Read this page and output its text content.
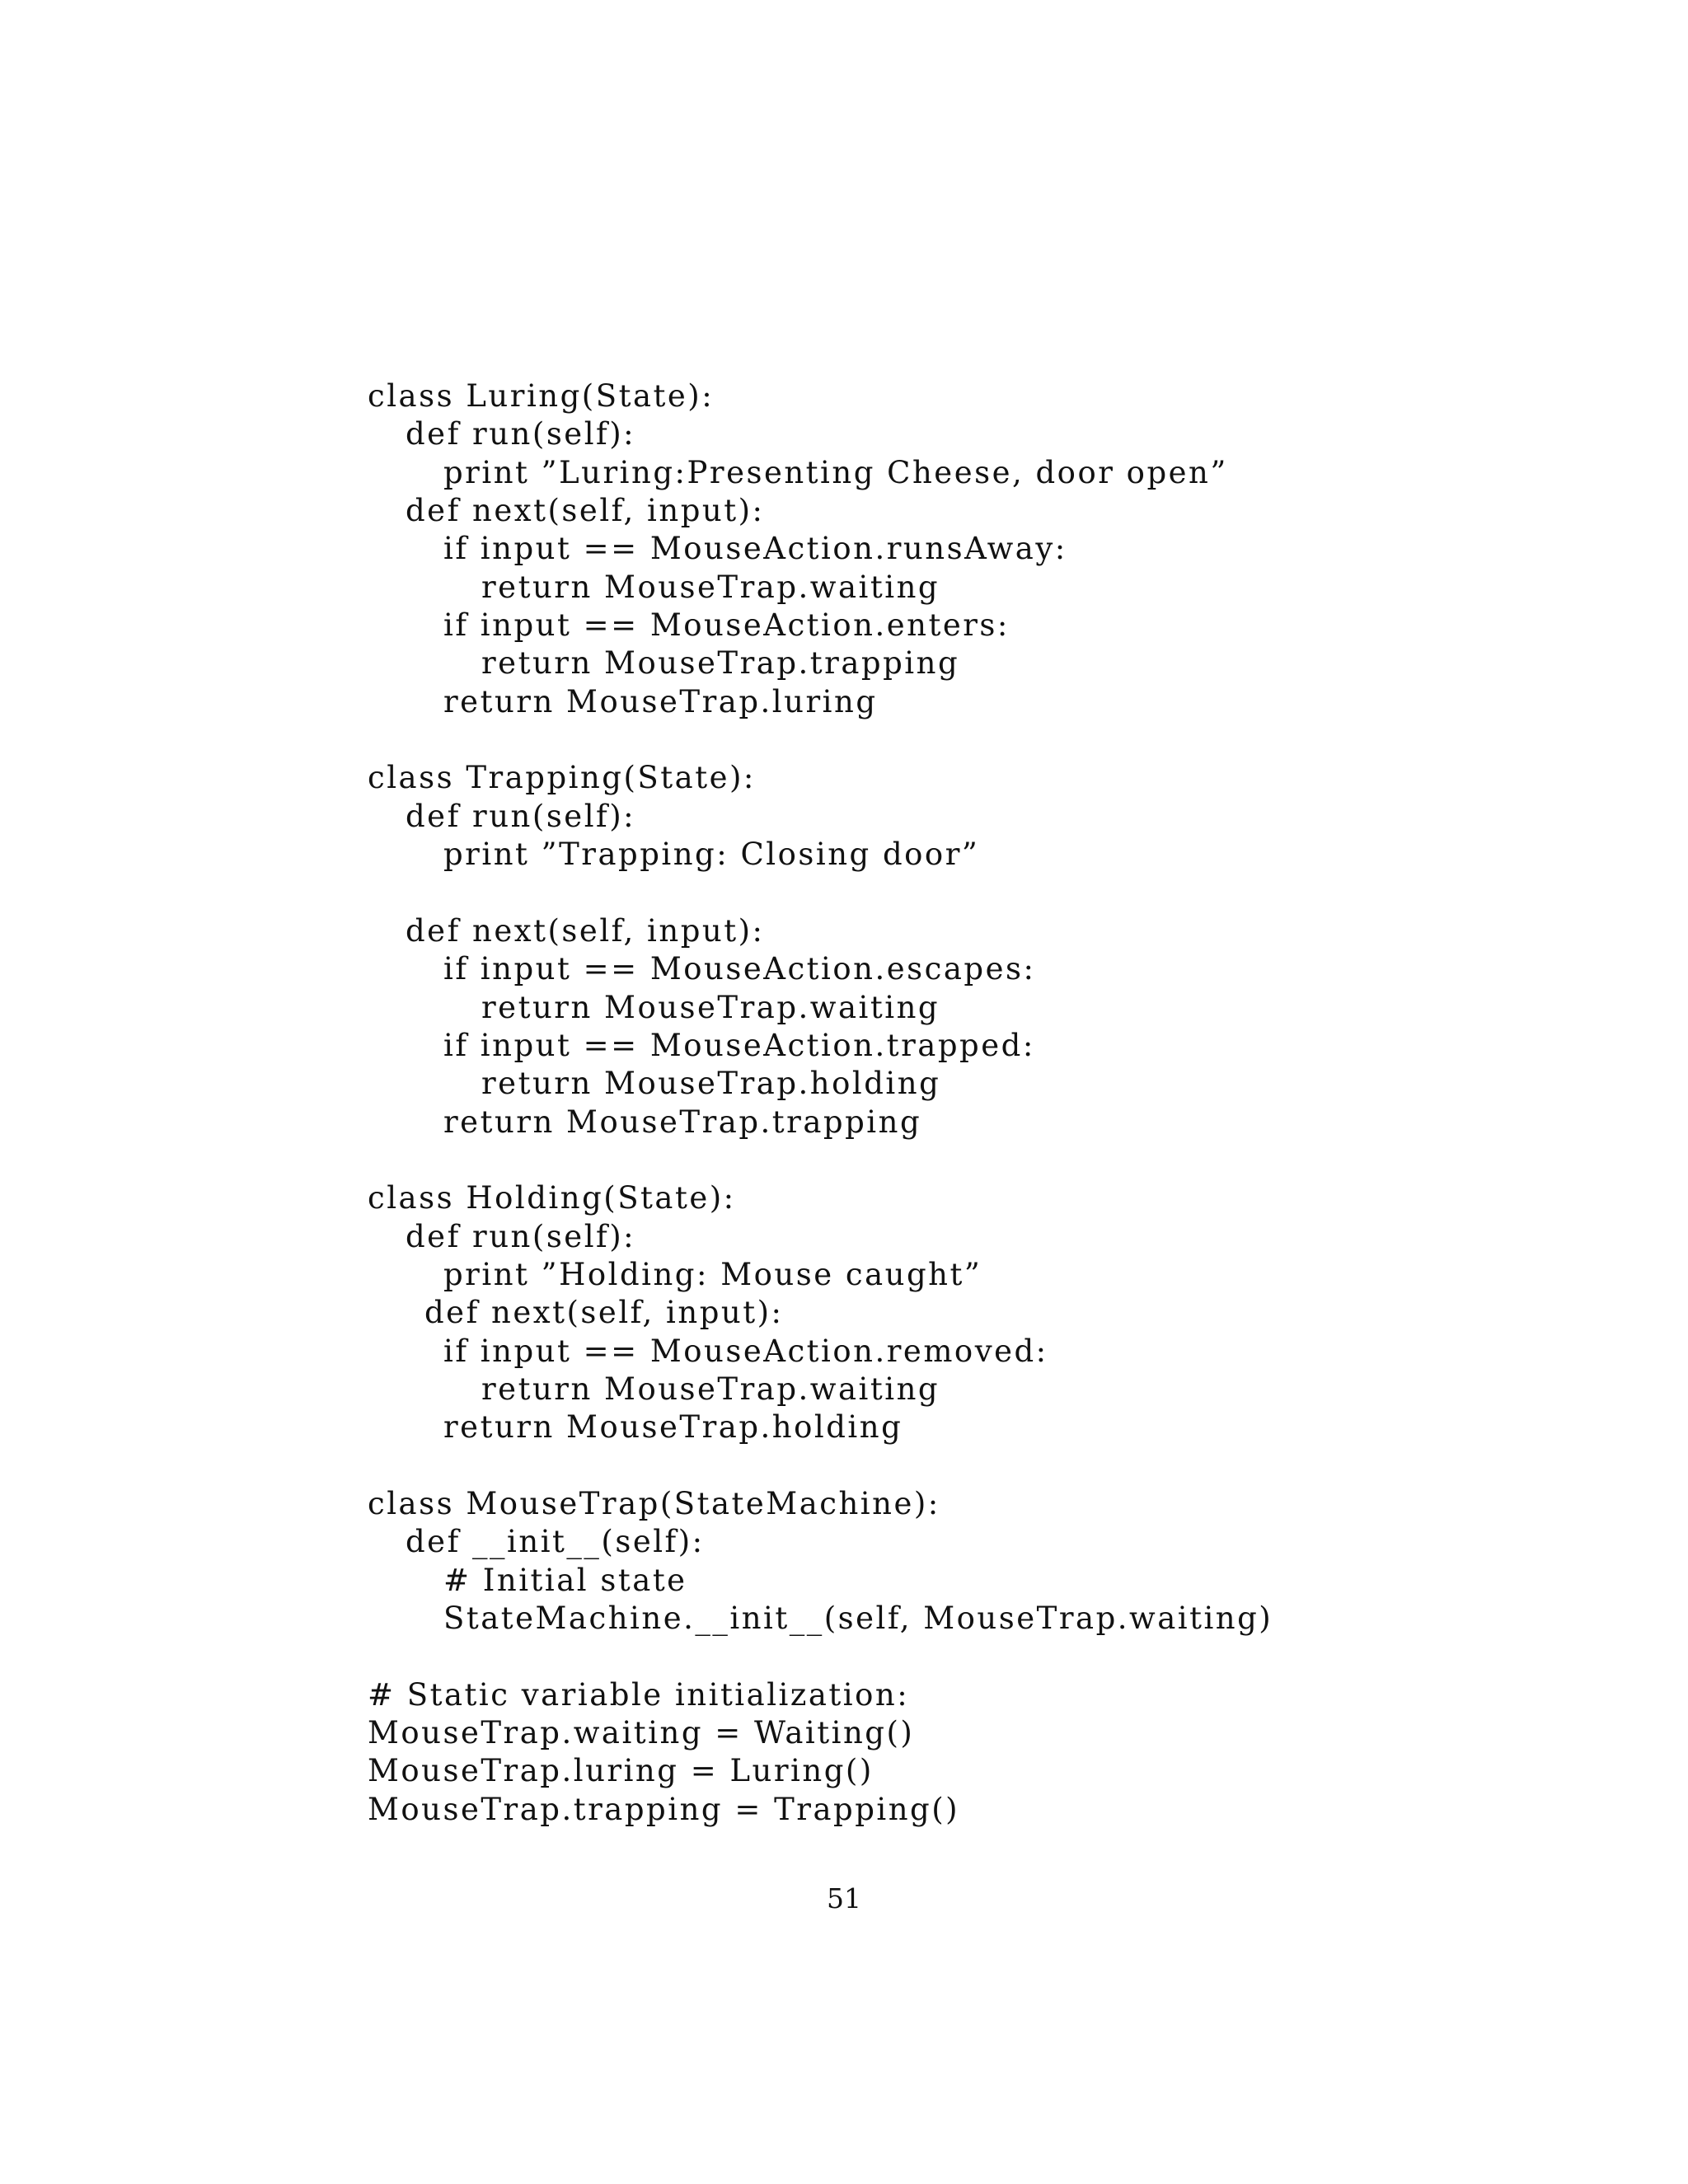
class Luring(State):
def run(self):
print ”Luring:Presenting Cheese, door open”
def next(self, input):
if input == MouseAction.runsAway:
return MouseTrap.waiting
if input == MouseAction.enters:
return MouseTrap.trapping
return MouseTrap.luring
class Trapping(State):
def run(self):
print ”Trapping: Closing door”
def next(self, input):
if input == MouseAction.escapes:
return MouseTrap.waiting
if input == MouseAction.trapped:
return MouseTrap.holding
return MouseTrap.trapping
class Holding(State):
def run(self):
print ”Holding: Mouse caught”
def next(self, input):
if input == MouseAction.removed:
return MouseTrap.waiting
return MouseTrap.holding
class MouseTrap(StateMachine):
def __init__(self):
# Initial state
StateMachine.__init__(self, MouseTrap.waiting)
# Static variable initialization:
MouseTrap.waiting = Waiting()
MouseTrap.luring = Luring()
MouseTrap.trapping = Trapping()
51
